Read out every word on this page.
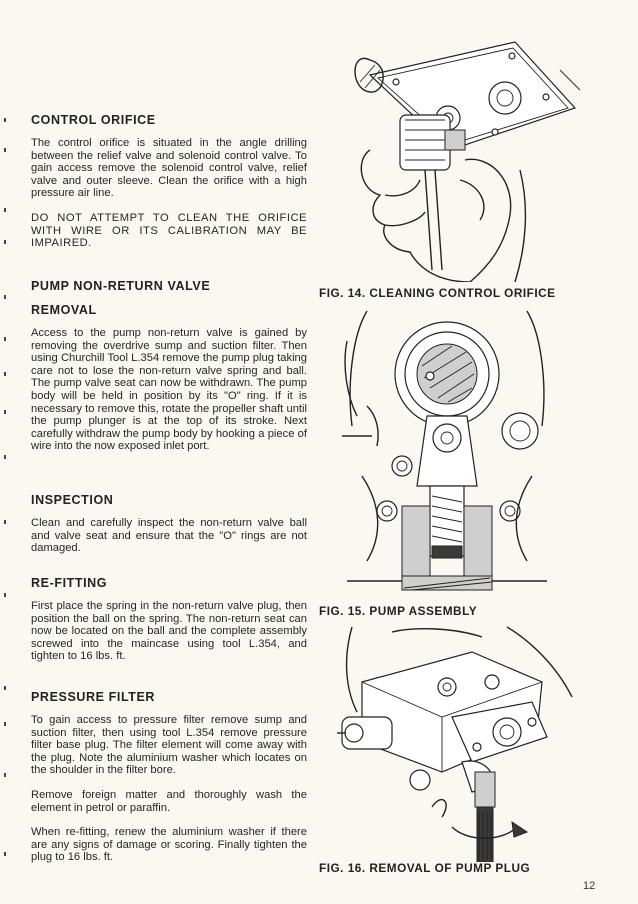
CONTROL ORIFICE

The control orifice is situated in the angle drilling between the relief valve and solenoid control valve. To gain access remove the solenoid control valve, relief valve and outer sleeve. Clean the orifice with a high pressure air line.

DO NOT ATTEMPT TO CLEAN THE ORIFICE WITH WIRE OR ITS CALIBRATION MAY BE IMPAIRED.

PUMP NON-RETURN VALVE
REMOVAL

Access to the pump non-return valve is gained by removing the overdrive sump and suction filter. Then using Churchill Tool L.354 remove the pump plug taking care not to lose the non-return valve spring and ball. The pump valve seat can now be withdrawn. The pump body will be held in position by its "O" ring. If it is necessary to remove this, rotate the propeller shaft until the pump plunger is at the top of its stroke. Next carefully withdraw the pump body by hooking a piece of wire into the now exposed inlet port.

INSPECTION

Clean and carefully inspect the non-return valve ball and valve seat and ensure that the "O" rings are not damaged.

RE-FITTING

First place the spring in the non-return valve plug, then position the ball on the spring. The non-return seat can now be located on the ball and the complete assembly screwed into the maincase using tool L.354, and tighten to 16 lbs. ft.

PRESSURE FILTER

To gain access to pressure filter remove sump and suction filter, then using tool L.354 remove pressure filter base plug. The filter element will come away with the plug. Note the aluminium washer which locates on the shoulder in the filter bore.

Remove foreign matter and thoroughly wash the element in petrol or paraffin.

When re-fitting, renew the aluminium washer if there are any signs of damage or scoring. Finally tighten the plug to 16 lbs. ft.

FIG. 14. CLEANING CONTROL ORIFICE
FIG. 15. PUMP ASSEMBLY
FIG. 16. REMOVAL OF PUMP PLUG
12
